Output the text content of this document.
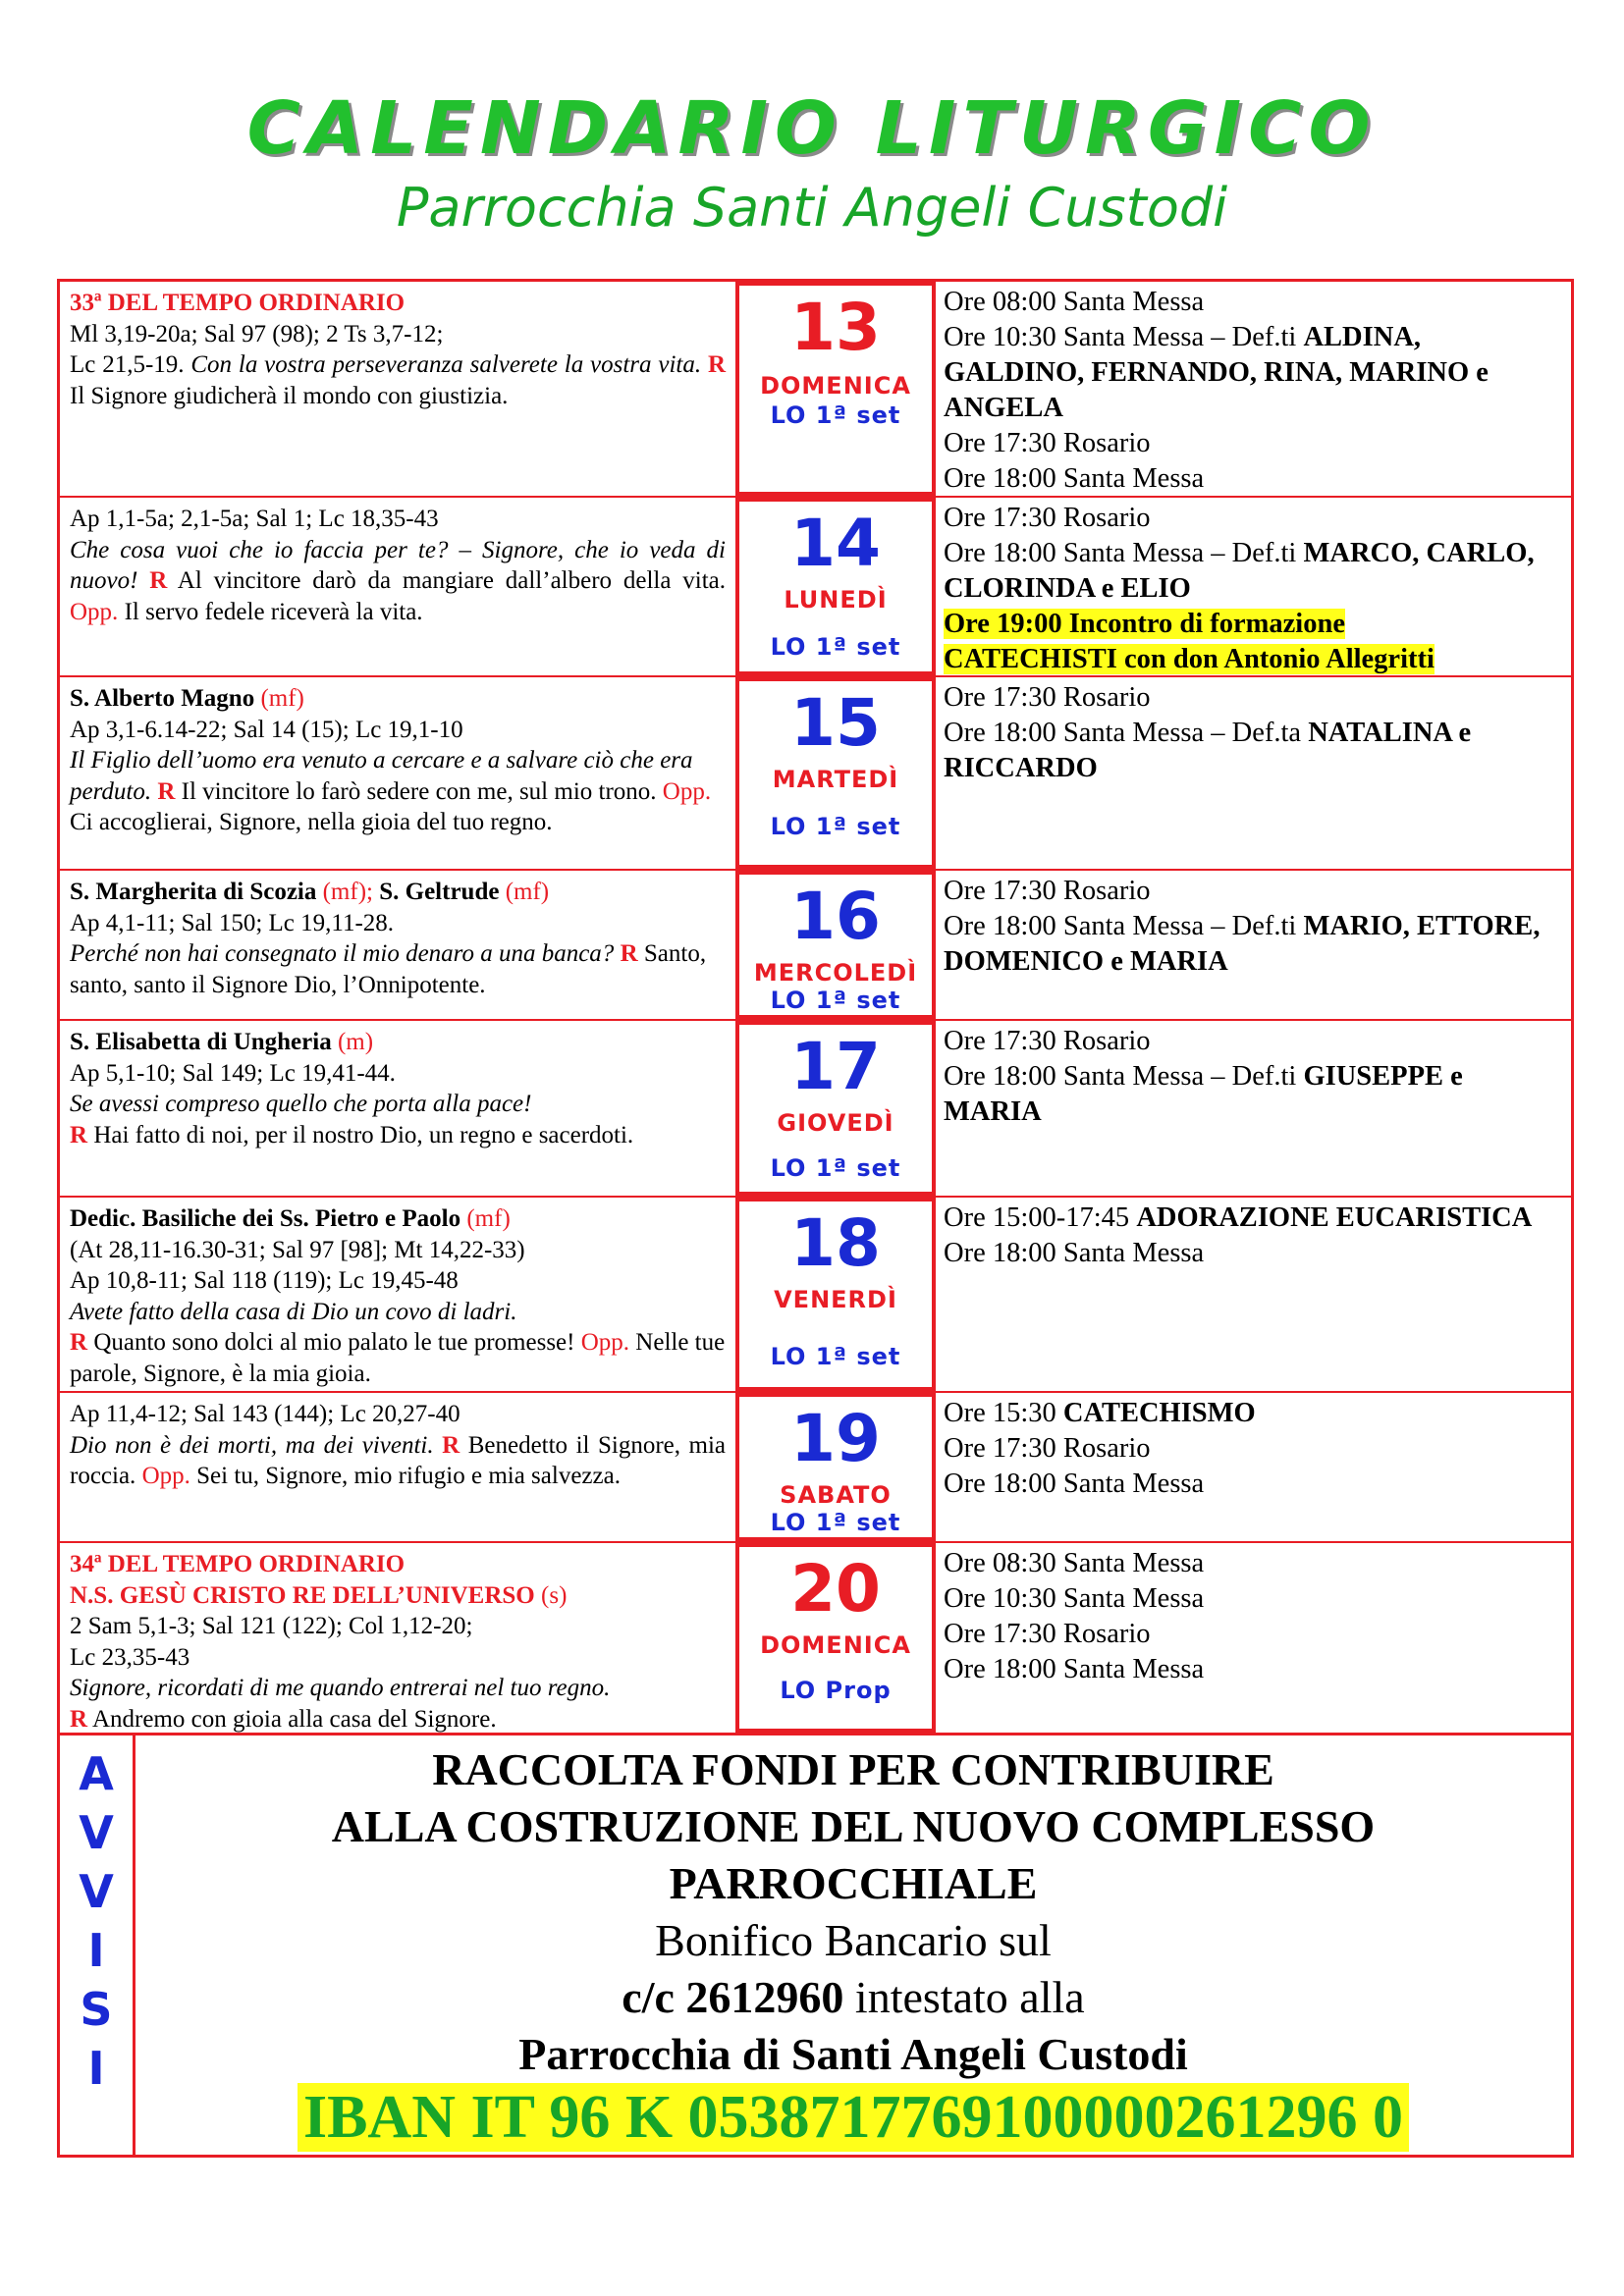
CALENDARIO LITURGICO
Parrocchia Santi Angeli Custodi
33ª DEL TEMPO ORDINARIO
Ml 3,19-20a; Sal 97 (98); 2 Ts 3,7-12;
Lc 21,5-19. Con la vostra perseveranza salverete la vostra vita. R Il Signore giudicherà il mondo con giustizia.
13
DOMENICA
LO 1ª set
Ore 08:00 Santa Messa
Ore 10:30 Santa Messa – Def.ti ALDINA, GALDINO, FERNANDO, RINA, MARINO e ANGELA
Ore 17:30 Rosario
Ore 18:00 Santa Messa
Ap 1,1-5a; 2,1-5a; Sal 1; Lc 18,35-43
Che cosa vuoi che io faccia per te? – Signore, che io veda di nuovo! R Al vincitore darò da mangiare dall’albero della vita. Opp. Il servo fedele riceverà la vita.
14
LUNEDÌ
LO 1ª set
Ore 17:30 Rosario
Ore 18:00 Santa Messa – Def.ti MARCO, CARLO, CLORINDA e ELIO
Ore 19:00 Incontro di formazione
CATECHISTI con don Antonio Allegritti
S. Alberto Magno (mf)
Ap 3,1-6.14-22; Sal 14 (15); Lc 19,1-10
Il Figlio dell’uomo era venuto a cercare e a salvare ciò che era perduto. R Il vincitore lo farò sedere con me, sul mio trono. Opp. Ci accoglierai, Signore, nella gioia del tuo regno.
15
MARTEDÌ
LO 1ª set
Ore 17:30 Rosario
Ore 18:00 Santa Messa – Def.ta NATALINA e RICCARDO
S. Margherita di Scozia (mf); S. Geltrude (mf)
Ap 4,1-11; Sal 150; Lc 19,11-28.
Perché non hai consegnato il mio denaro a una banca? R Santo, santo, santo il Signore Dio, l’Onnipotente.
16
MERCOLEDÌ
LO 1ª set
Ore 17:30 Rosario
Ore 18:00 Santa Messa – Def.ti MARIO, ETTORE, DOMENICO e MARIA
S. Elisabetta di Ungheria (m)
Ap 5,1-10; Sal 149; Lc 19,41-44.
Se avessi compreso quello che porta alla pace!
R Hai fatto di noi, per il nostro Dio, un regno e sacerdoti.
17
GIOVEDÌ
LO 1ª set
Ore 17:30 Rosario
Ore 18:00 Santa Messa – Def.ti GIUSEPPE e MARIA
Dedic. Basiliche dei Ss. Pietro e Paolo (mf)
(At 28,11-16.30-31; Sal 97 [98]; Mt 14,22-33)
Ap 10,8-11; Sal 118 (119); Lc 19,45-48
Avete fatto della casa di Dio un covo di ladri.
R Quanto sono dolci al mio palato le tue promesse! Opp. Nelle tue parole, Signore, è la mia gioia.
18
VENERDÌ
LO 1ª set
Ore 15:00-17:45 ADORAZIONE EUCARISTICA
Ore 18:00 Santa Messa
Ap 11,4-12; Sal 143 (144); Lc 20,27-40
Dio non è dei morti, ma dei viventi. R Benedetto il Signore, mia roccia. Opp. Sei tu, Signore, mio rifugio e mia salvezza.	19
SABATO
LO 1ª set
Ore 15:30 CATECHISMO
Ore 17:30 Rosario
Ore 18:00 Santa Messa
34ª DEL TEMPO ORDINARIO
N.S. GESÙ CRISTO RE DELL’UNIVERSO (s)
2 Sam 5,1-3; Sal 121 (122); Col 1,12-20;
Lc 23,35-43
Signore, ricordati di me quando entrerai nel tuo regno.
R Andremo con gioia alla casa del Signore.
20
DOMENICA
LO Prop
Ore 08:30 Santa Messa
Ore 10:30 Santa Messa
Ore 17:30 Rosario
Ore 18:00 Santa Messa
A
V
V
I
S
I
RACCOLTA FONDI PER CONTRIBUIRE
ALLA COSTRUZIONE DEL NUOVO COMPLESSO
PARROCCHIALE
Bonifico Bancario sul
c/c 2612960 intestato alla
Parrocchia di Santi Angeli Custodi
IBAN IT 96 K 0538717769100000261296 0
